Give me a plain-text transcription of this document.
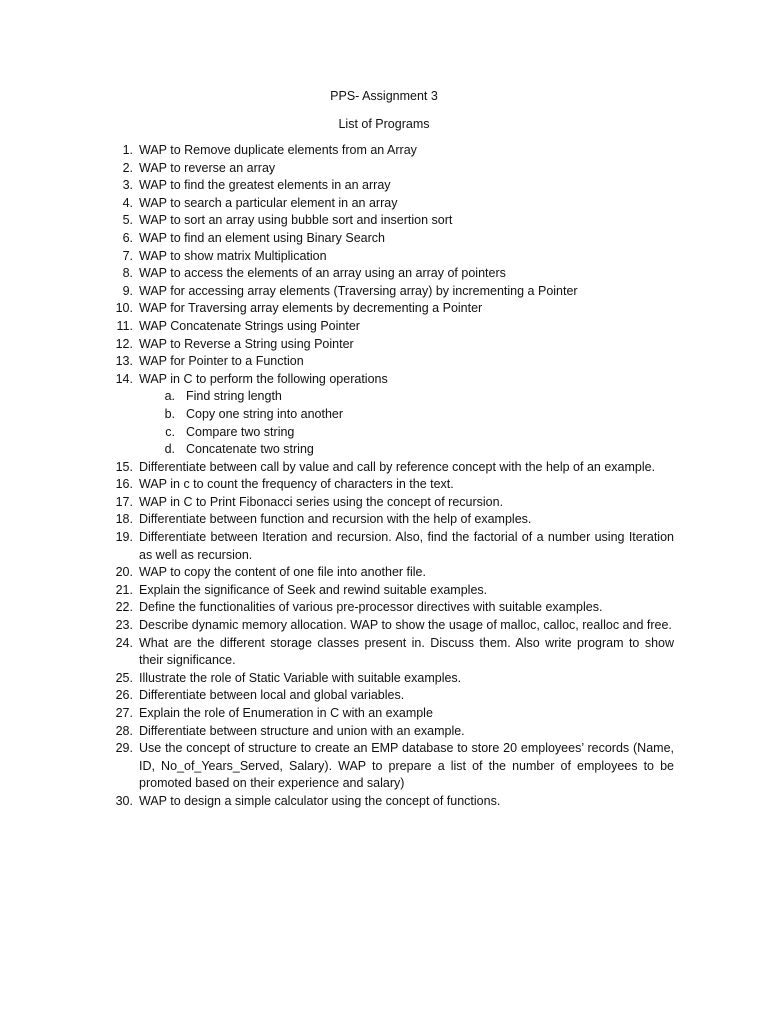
PPS- Assignment 3
List of Programs
1. WAP to Remove duplicate elements from an Array
2. WAP to reverse an array
3. WAP to find the greatest elements in an array
4. WAP to search a particular element in an array
5. WAP to sort an array using bubble sort and insertion sort
6. WAP to find an element using Binary Search
7. WAP to show matrix Multiplication
8. WAP to access the elements of an array using an array of pointers
9. WAP for accessing array elements (Traversing array) by incrementing a Pointer
10. WAP for Traversing array elements by decrementing a Pointer
11. WAP Concatenate Strings using Pointer
12. WAP to Reverse a String using Pointer
13. WAP for Pointer to a Function
14. WAP in C to perform the following operations
a. Find string length
b. Copy one string into another
c. Compare two string
d. Concatenate two string
15. Differentiate between call by value and call by reference concept with the help of an example.
16. WAP in c to count the frequency of characters in the text.
17. WAP in C to Print Fibonacci series using the concept of recursion.
18. Differentiate between function and recursion with the help of examples.
19. Differentiate between Iteration and recursion. Also, find the factorial of a number using Iteration as well as recursion.
20. WAP to copy the content of one file into another file.
21. Explain the significance of Seek and rewind suitable examples.
22. Define the functionalities of various pre-processor directives with suitable examples.
23. Describe dynamic memory allocation. WAP to show the usage of malloc, calloc, realloc and free.
24. What are the different storage classes present in. Discuss them. Also write program to show their significance.
25. Illustrate the role of Static Variable with suitable examples.
26. Differentiate between local and global variables.
27. Explain the role of Enumeration in C with an example
28. Differentiate between structure and union with an example.
29. Use the concept of structure to create an EMP database to store 20 employees’ records (Name, ID, No_of_Years_Served, Salary). WAP to prepare a list of the number of employees to be promoted based on their experience and salary)
30. WAP to design a simple calculator using the concept of functions.
